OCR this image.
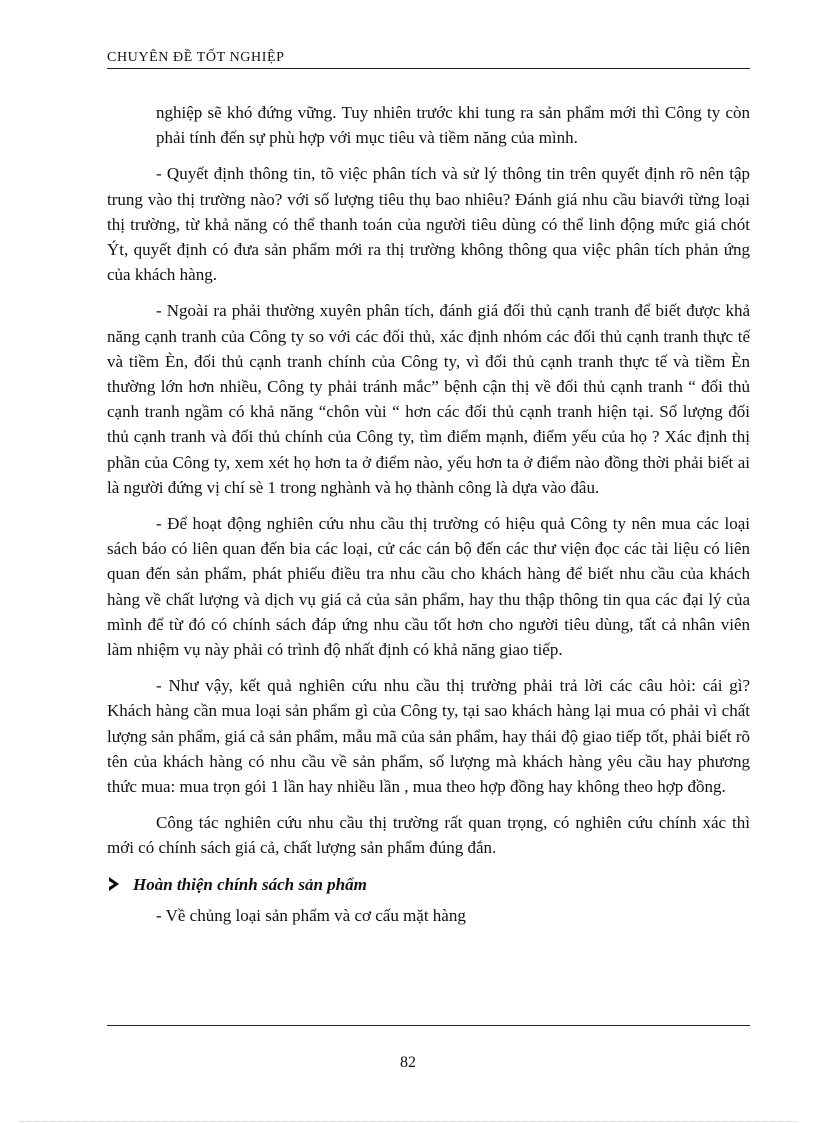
CHUYÊN ĐỀ TỐT NGHIỆP

nghiệp sẽ khó đứng vững. Tuy nhiên trước khi tung ra sản phẩm mới thì Công ty còn phải tính đến sự phù hợp với mục tiêu và tiềm năng của mình.

- Quyết định thông tin, tõ việc phân tích và sử lý thông tin trên quyết định rõ nên tập trung vào thị trường nào? với số lượng tiêu thụ bao nhiêu? Đánh giá nhu cầu biavới từng loại thị trường, từ khả năng có thể thanh toán của người tiêu dùng có thể linh động mức giá chót Ýt, quyết định có đưa sản phẩm mới ra thị trường không thông qua việc phân tích phản ứng của khách hàng.

- Ngoài ra phải thường xuyên phân tích, đánh giá đối thủ cạnh tranh để biết được khả năng cạnh tranh của Công ty so với các đối thủ, xác định nhóm các đối thủ cạnh tranh thực tế và tiềm Èn, đối thủ cạnh tranh chính của Công ty, vì đối thủ cạnh tranh thực tế và tiềm Èn thường lớn hơn nhiều, Công ty phải tránh mắc” bệnh cận thị về đối thủ cạnh tranh “ đối thủ cạnh tranh ngầm có khả năng “chôn vùi “ hơn các đối thủ cạnh tranh hiện tại. Số lượng đối thủ cạnh tranh và đối thủ chính của Công ty, tìm điểm mạnh, điểm yếu của họ ? Xác định thị phần của Công ty, xem xét họ hơn ta ở điểm nào, yếu hơn ta ở điểm nào đồng thời phải biết ai là người đứng vị chí sè 1 trong nghành và họ thành công là dựa vào đâu.

- Để hoạt động nghiên cứu nhu cầu thị trường có hiệu quả Công ty nên mua các loại sách báo có liên quan đến bia các loại, cử các cán bộ đến các thư viện đọc các tài liệu có liên quan đến sản phẩm, phát phiếu điều tra nhu cầu cho khách hàng để biết nhu cầu của khách hàng về chất lượng và dịch vụ giá cả của sản phẩm, hay thu thập thông tin qua các đại lý của mình để từ đó có chính sách đáp ứng nhu cầu tốt hơn cho người tiêu dùng, tất cả nhân viên làm nhiệm vụ này phải có trình độ nhất định có khả năng giao tiếp.

- Như vậy, kết quả nghiên cứu nhu cầu thị trường phải trả lời các câu hỏi: cái gì? Khách hàng cần mua loại sản phẩm gì của Công ty, tại sao khách hàng lại mua có phải vì chất lượng sản phẩm, giá cả sản phẩm, mẫu mã của sản phẩm, hay thái độ giao tiếp tốt, phải biết rõ tên của khách hàng có nhu cầu về sản phẩm, số lượng mà khách hàng yêu cầu hay phương thức mua: mua trọn gói 1 lần hay nhiều lần , mua theo hợp đồng hay không theo hợp đồng.

Công tác nghiên cứu nhu cầu thị trường rất quan trọng, có nghiên cứu chính xác thì mới có chính sách giá cả, chất lượng sản phẩm đúng đắn.

Hoàn thiện chính sách sản phẩm

- Về chủng loại sản phẩm và cơ cấu mặt hàng

82
